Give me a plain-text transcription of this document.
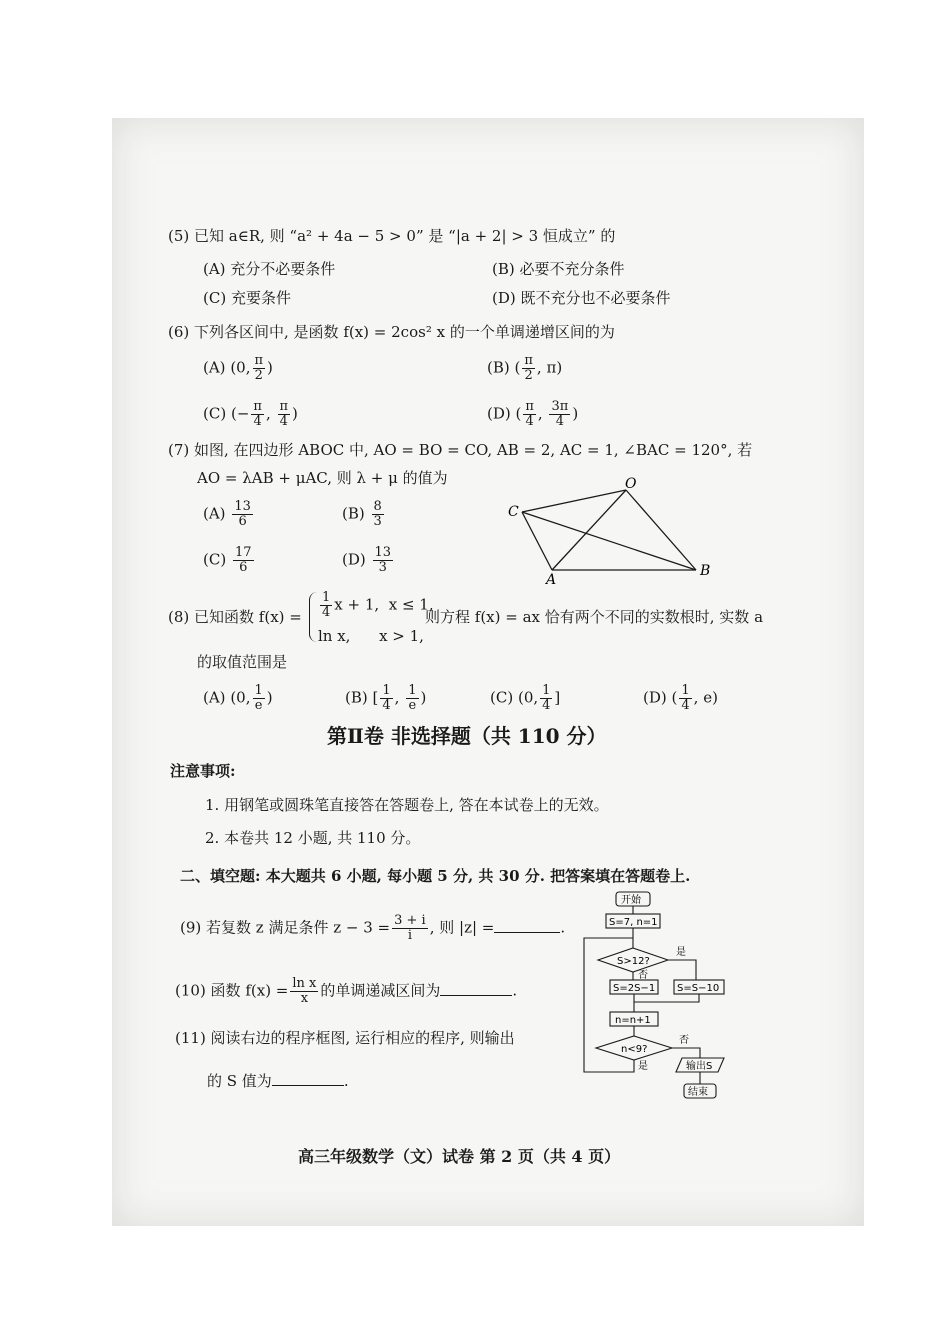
(5) 已知 a∈R, 则 “a² + 4a − 5 > 0” 是 “|a + 2| > 3 恒成立” 的
(A) 充分不必要条件	(B) 必要不充分条件
(C) 充要条件	(D) 既不充分也不必要条件
(6) 下列各区间中, 是函数 f(x) = 2cos² x 的一个单调递增区间的为
(A) (0, $\frac{\pi}{2}$ )	(B) ( $\frac{\pi}{2}$ , π)
(C) (− $\frac{\pi}{4}$ , $\frac{\pi}{4}$ )	(D) ( $\frac{\pi}{4}$ , $\frac{3\pi}{4}$ )
(7) 如图, 在四边形 ABOC 中, AO = BO = CO, AB = 2, AC = 1, ∠BAC = 120°, 若
AO = λAB + μAC, 则 λ + μ 的值为
$(A) \frac{13}{6}$	$(B) \frac{8}{3}$
$(C) \frac{17}{6}$	$(D) \frac{13}{3}$
O
C
A
B
(8) 已知函数 $f(x) = \frac{1}{4}$ x + 1, x ≤ 1,
ln x, x > 1,
则方程 f(x) = ax 恰有两个不同的实数根时, 实数 a
的取值范围是
(A) (0, $\frac{1}{e}$ )	(B) [ $\frac{1}{4}$ , $\frac{1}{e}$ )	(C) (0, $\frac{1}{4}$ ]	(D) ( $\frac{1}{4}$ , e)
第Ⅱ卷 非选择题（共 110 分）
注意事项:
1. 用钢笔或圆珠笔直接答在答题卷上, 答在本试卷上的无效。
2. 本卷共 12 小题, 共 110 分。
二、填空题: 本大题共 6 小题, 每小题 5 分, 共 30 分. 把答案填在答题卷上.
(9) 若复数 z 满足条件 $z - 3 = \frac{3 + i}{i}$ , 则 |z| =	.
(10) 函数 $f(x) = \frac{\text{ln x}}{x}$ 的单调递减区间为	.
(11) 阅读右边的程序框图, 运行相应的程序, 则输出
的 S 值为	.
开始
S=7, n=1
S>12?
是
否
S=2S−1 S=S−10
n=n+1
n<9?
是
否
输出S
结束
高三年级数学（文）试卷 第 2 页（共 4 页）
